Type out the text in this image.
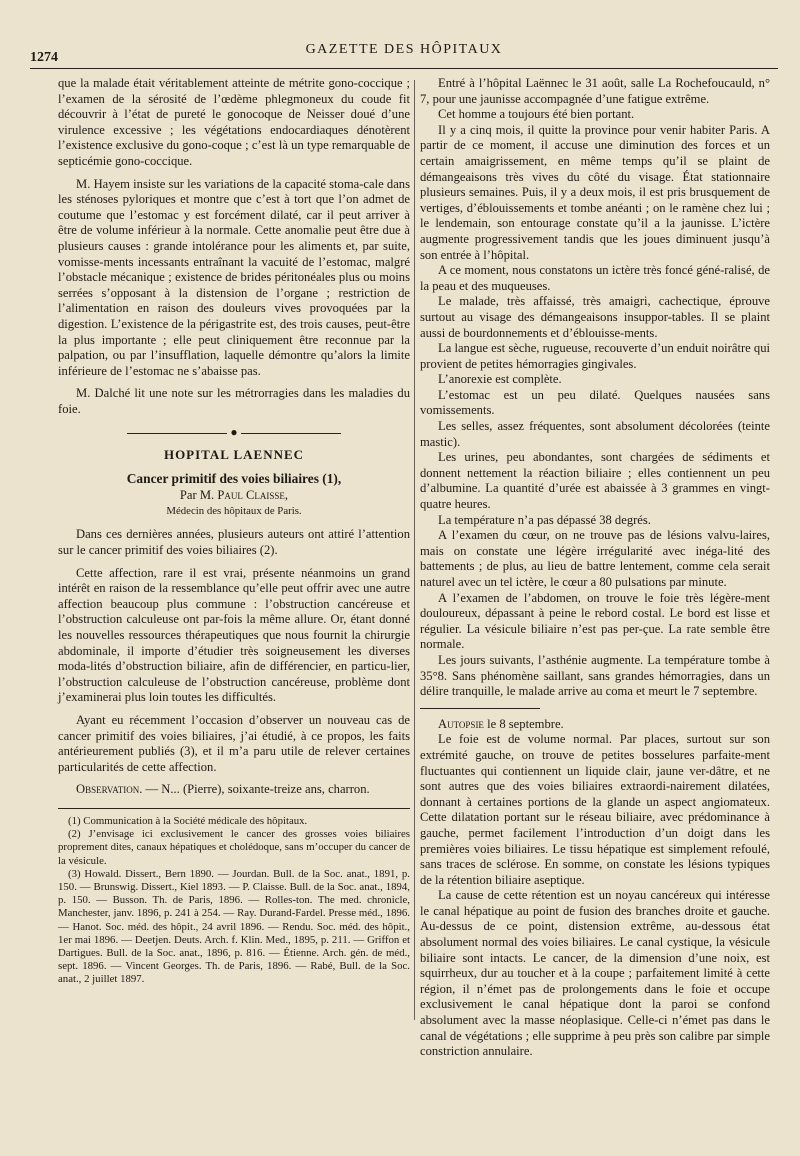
1274
GAZETTE DES HÔPITAUX

que la malade était véritablement atteinte de métrite gono-coccique ; l’examen de la sérosité de l’œdème phlegmoneux du coude fit découvrir à l’état de pureté le gonocoque de Neisser doué d’une virulence excessive ; les végétations endocardiaques dénotèrent l’existence exclusive du gono-coque ; c’est là un type remarquable de septicémie gono-coccique.

M. Hayem insiste sur les variations de la capacité stoma-cale dans les sténoses pyloriques et montre que c’est à tort que l’on admet de coutume que l’estomac y est forcément dilaté, car il peut arriver à être de volume inférieur à la normale. Cette anomalie peut être due à plusieurs causes : grande intolérance pour les aliments et, par suite, vomisse-ments incessants entraînant la vacuité de l’estomac, malgré l’obstacle mécanique ; existence de brides péritonéales plus ou moins serrées s’opposant à la distension de l’organe ; restriction de l’alimentation en raison des douleurs vives provoquées par la digestion. L’existence de la périgastrite est, des trois causes, peut-être la plus importante ; elle peut cliniquement être reconnue par la palpation, ou par l’insufflation, laquelle démontre qu’alors la limite inférieure de l’estomac ne s’abaisse pas.

M. Dalché lit une note sur les métrorragies dans les maladies du foie.

●
HOPITAL LAENNEC
Cancer primitif des voies biliaires (1),
Par M. Paul Claisse,
Médecin des hôpitaux de Paris.

Dans ces dernières années, plusieurs auteurs ont attiré l’attention sur le cancer primitif des voies biliaires (2).

Cette affection, rare il est vrai, présente néanmoins un grand intérêt en raison de la ressemblance qu’elle peut offrir avec une autre affection beaucoup plus commune : l’obstruction cancéreuse et l’obstruction calculeuse ont par-fois la même allure. Or, étant donné les nouvelles ressources thérapeutiques que nous fournit la chirurgie abdominale, il importe d’étudier très soigneusement les diverses moda-lités d’obstruction biliaire, afin de différencier, en particu-lier, l’obstruction calculeuse de l’obstruction cancéreuse, problème dont j’examinerai plus loin toutes les difficultés.

Ayant eu récemment l’occasion d’observer un nouveau cas de cancer primitif des voies biliaires, j’ai étudié, à ce propos, les faits antérieurement publiés (3), et il m’a paru utile de relever certaines particularités de cette affection.

Observation. — N... (Pierre), soixante-treize ans, charron.

(1) Communication à la Société médicale des hôpitaux.

(2) J’envisage ici exclusivement le cancer des grosses voies biliaires proprement dites, canaux hépatiques et cholédoque, sans m’occuper du cancer de la vésicule.

(3) Howald. Dissert., Bern 1890. — Jourdan. Bull. de la Soc. anat., 1891, p. 150. — Brunswig. Dissert., Kiel 1893. — P. Claisse. Bull. de la Soc. anat., 1894, p. 150. — Busson. Th. de Paris, 1896. — Rolles-ton. The med. chronicle, Manchester, janv. 1896, p. 241 à 254. — Ray. Durand-Fardel. Presse méd., 1896. — Hanot. Soc. méd. des hôpit., 24 avril 1896. — Rendu. Soc. méd. des hôpit., 1er mai 1896. — Deetjen. Deuts. Arch. f. Klin. Med., 1895, p. 211. — Griffon et Dartigues. Bull. de la Soc. anat., 1896, p. 816. — Étienne. Arch. gén. de méd., sept. 1896. — Vincent Georges. Th. de Paris, 1896. — Rabé, Bull. de la Soc. anat., 2 juillet 1897.

Entré à l’hôpital Laënnec le 31 août, salle La Rochefoucauld, n° 7, pour une jaunisse accompagnée d’une fatigue extrême.

Cet homme a toujours été bien portant.

Il y a cinq mois, il quitte la province pour venir habiter Paris. A partir de ce moment, il accuse une diminution des forces et un certain amaigrissement, en même temps qu’il se plaint de démangeaisons très vives du côté du visage. État stationnaire plusieurs semaines. Puis, il y a deux mois, il est pris brusquement de vertiges, d’éblouissements et tombe anéanti ; on le ramène chez lui ; le lendemain, son entourage constate qu’il a la jaunisse. L’ictère augmente progressivement tandis que les joues diminuent jusqu’à son entrée à l’hôpital.

A ce moment, nous constatons un ictère très foncé géné-ralisé, de la peau et des muqueuses.

Le malade, très affaissé, très amaigri, cachectique, éprouve surtout au visage des démangeaisons insuppor-tables. Il se plaint aussi de bourdonnements et d’éblouisse-ments.

La langue est sèche, rugueuse, recouverte d’un enduit noirâtre qui provient de petites hémorragies gingivales.

L’anorexie est complète.

L’estomac est un peu dilaté. Quelques nausées sans vomissements.

Les selles, assez fréquentes, sont absolument décolorées (teinte mastic).

Les urines, peu abondantes, sont chargées de sédiments et donnent nettement la réaction biliaire ; elles contiennent un peu d’albumine. La quantité d’urée est abaissée à 3 grammes en vingt-quatre heures.

La température n’a pas dépassé 38 degrés.

A l’examen du cœur, on ne trouve pas de lésions valvu-laires, mais on constate une légère irrégularité avec inéga-lité des battements ; de plus, au lieu de battre lentement, comme cela serait naturel avec un tel ictère, le cœur a 80 pulsations par minute.

A l’examen de l’abdomen, on trouve le foie très légère-ment douloureux, dépassant à peine le rebord costal. Le bord est lisse et régulier. La vésicule biliaire n’est pas per-çue. La rate semble être normale.

Les jours suivants, l’asthénie augmente. La température tombe à 35°8. Sans phénomène saillant, sans grandes hémorragies, dans un délire tranquille, le malade arrive au coma et meurt le 7 septembre.

Autopsie le 8 septembre.

Le foie est de volume normal. Par places, surtout sur son extrémité gauche, on trouve de petites bosselures parfaite-ment fluctuantes qui contiennent un liquide clair, jaune ver-dâtre, et ne sont autres que des voies biliaires extraordi-nairement dilatées, donnant à certaines portions de la glande un aspect angiomateux. Cette dilatation portant sur le réseau biliaire, avec prédominance à gauche, permet facilement l’introduction d’un doigt dans les premières voies biliaires. Le tissu hépatique est simplement refoulé, sans traces de sclérose. En somme, on constate les lésions typiques de la rétention biliaire aseptique.

La cause de cette rétention est un noyau cancéreux qui intéresse le canal hépatique au point de fusion des branches droite et gauche. Au-dessus de ce point, distension extrême, au-dessous état absolument normal des voies biliaires. Le canal cystique, la vésicule biliaire sont intacts. Le cancer, de la dimension d’une noix, est squirrheux, dur au toucher et à la coupe ; parfaitement limité à cette région, il n’émet pas de prolongements dans le foie et occupe exclusivement le canal hépatique dont la paroi se confond absolument avec la masse néoplasique. Celle-ci n’émet pas dans le canal de végétations ; elle supprime à peu près son calibre par simple constriction annulaire.
